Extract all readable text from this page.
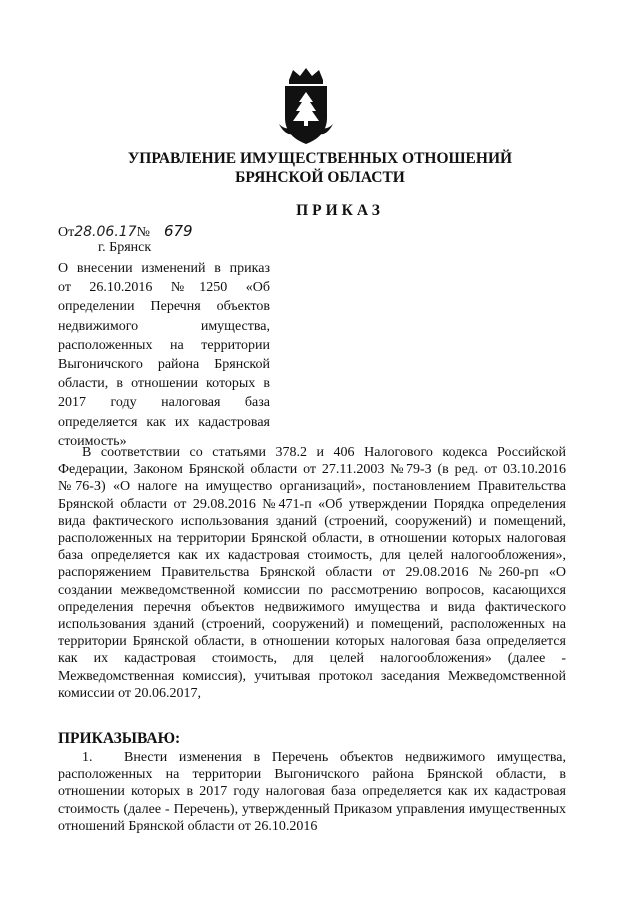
УПРАВЛЕНИЕ ИМУЩЕСТВЕННЫХ ОТНОШЕНИЙ
БРЯНСКОЙ ОБЛАСТИ
ПРИКАЗ
От28.06.17№ 679
г. Брянск
О внесении изменений в приказ
от 26.10.2016 №1250 «Об
определении Перечня объектов
недвижимого имущества,
расположенных на территории
Выгоничского района Брянской
области, в отношении которых в
2017 году налоговая база
определяется как их кадастровая
стоимость»

В соответствии со статьями 378.2 и 406 Налогового кодекса Российской Федерации, Законом Брянской области от 27.11.2003 №79-З (в ред. от 03.10.2016 №76-З) «О налоге на имущество организаций», постановлением Правительства Брянской области от 29.08.2016 №471-п «Об утверждении Порядка определения вида фактического использования зданий (строений, сооружений) и помещений, расположенных на территории Брянской области, в отношении которых налоговая база определяется как их кадастровая стоимость, для целей налогообложения», распоряжением Правительства Брянской области от 29.08.2016 №260-рп «О создании межведомственной комиссии по рассмотрению вопросов, касающихся определения перечня объектов недвижимого имущества и вида фактического использования зданий (строений, сооружений) и помещений, расположенных на территории Брянской области, в отношении которых налоговая база определяется как их кадастровая стоимость, для целей налогообложения» (далее - Межведомственная комиссия), учитывая протокол заседания Межведомственной комиссии от 20.06.2017,

ПРИКАЗЫВАЮ:

1. Внести изменения в Перечень объектов недвижимого имущества, расположенных на территории Выгоничского района Брянской области, в отношении которых в 2017 году налоговая база определяется как их кадастровая стоимость (далее - Перечень), утвержденный Приказом управления имущественных отношений Брянской области от 26.10.2016
